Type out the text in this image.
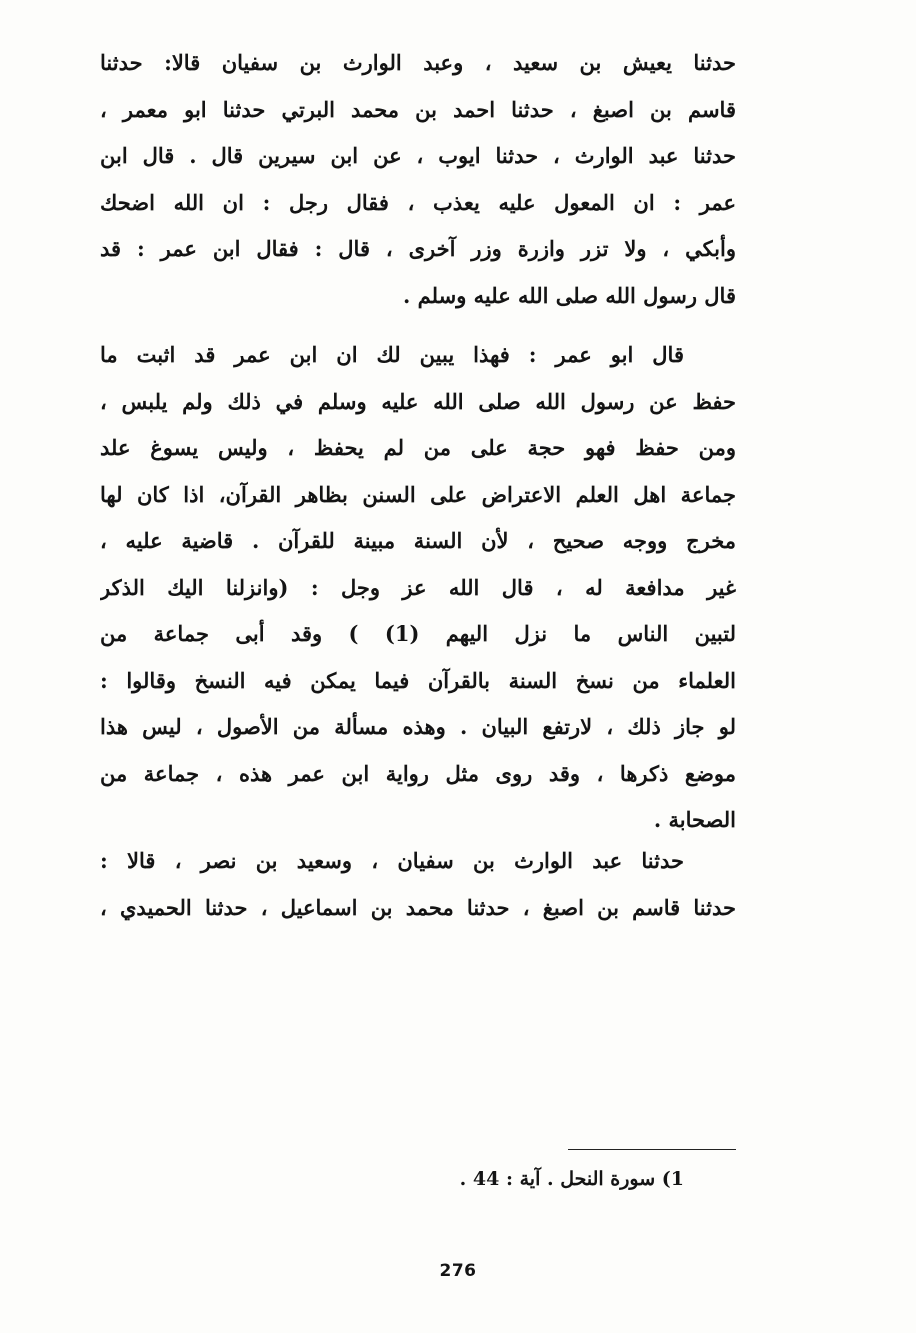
حدثنا يعيش بن سعيد ، وعبد الوارث بن سفيان قالا: حدثنا
قاسم بن اصبغ ، حدثنا احمد بن محمد البرتي حدثنا ابو معمر ،
حدثنا عبد الوارث ، حدثنا ايوب ، عن ابن سيرين قال . قال ابن
عمر : ان المعول عليه يعذب ، فقال رجل : ان الله اضحك
وأبكي ، ولا تزر وازرة وزر آخرى ، قال : فقال ابن عمر : قد
قال رسول الله صلى الله عليه وسلم .
قال ابو عمر : فهذا يبين لك ان ابن عمر قد اثبت ما
حفظ عن رسول الله صلى الله عليه وسلم في ذلك ولم يلبس ،
ومن حفظ فهو حجة على من لم يحفظ ، وليس يسوغ علد
جماعة اهل العلم الاعتراض على السنن بظاهر القرآن، اذا كان لها
مخرج ووجه صحيح ، لأن السنة مبينة للقرآن . قاضية عليه ،
غير مدافعة له ، قال الله عز وجل : (وانزلنا اليك الذكر
لتبين الناس ما نزل اليهم (1) ) وقد أبى جماعة من
العلماء من نسخ السنة بالقرآن فيما يمكن فيه النسخ وقالوا :
لو جاز ذلك ، لارتفع البيان . وهذه مسألة من الأصول ، ليس هذا
موضع ذكرها ، وقد روى مثل رواية ابن عمر هذه ، جماعة من
الصحابة .
حدثنا عبد الوارث بن سفيان ، وسعيد بن نصر ، قالا :
حدثنا قاسم بن اصبغ ، حدثنا محمد بن اسماعيل ، حدثنا الحميدي ،
1) سورة النحل . آية : 44 .
276
